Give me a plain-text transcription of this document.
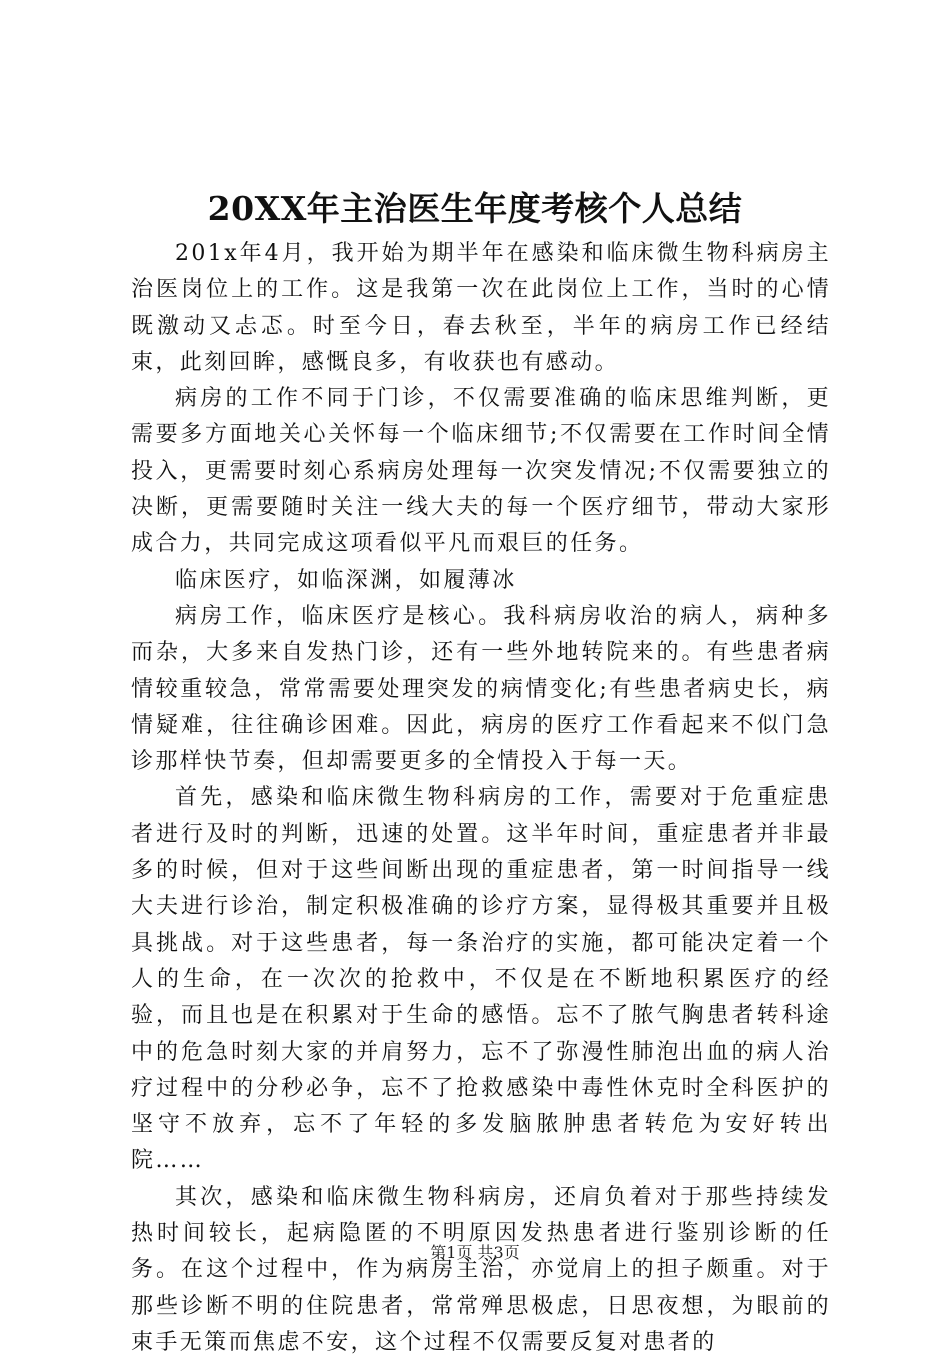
20XX年主治医生年度考核个人总结

201x年4月，我开始为期半年在感染和临床微生物科病房主治医岗位上的工作。这是我第一次在此岗位上工作，当时的心情既激动又忐忑。时至今日，春去秋至，半年的病房工作已经结束，此刻回眸，感慨良多，有收获也有感动。

病房的工作不同于门诊，不仅需要准确的临床思维判断，更需要多方面地关心关怀每一个临床细节;不仅需要在工作时间全情投入，更需要时刻心系病房处理每一次突发情况;不仅需要独立的决断，更需要随时关注一线大夫的每一个医疗细节，带动大家形成合力，共同完成这项看似平凡而艰巨的任务。

临床医疗，如临深渊，如履薄冰

病房工作，临床医疗是核心。我科病房收治的病人，病种多而杂，大多来自发热门诊，还有一些外地转院来的。有些患者病情较重较急，常常需要处理突发的病情变化;有些患者病史长，病情疑难，往往确诊困难。因此，病房的医疗工作看起来不似门急诊那样快节奏，但却需要更多的全情投入于每一天。

首先，感染和临床微生物科病房的工作，需要对于危重症患者进行及时的判断，迅速的处置。这半年时间，重症患者并非最多的时候，但对于这些间断出现的重症患者，第一时间指导一线大夫进行诊治，制定积极准确的诊疗方案，显得极其重要并且极具挑战。对于这些患者，每一条治疗的实施，都可能决定着一个人的生命，在一次次的抢救中，不仅是在不断地积累医疗的经验，而且也是在积累对于生命的感悟。忘不了脓气胸患者转科途中的危急时刻大家的并肩努力，忘不了弥漫性肺泡出血的病人治疗过程中的分秒必争，忘不了抢救感染中毒性休克时全科医护的坚守不放弃，忘不了年轻的多发脑脓肿患者转危为安好转出院……

其次，感染和临床微生物科病房，还肩负着对于那些持续发热时间较长，起病隐匿的不明原因发热患者进行鉴别诊断的任务。在这个过程中，作为病房主治，亦觉肩上的担子颇重。对于那些诊断不明的住院患者，常常殚思极虑，日思夜想，为眼前的束手无策而焦虑不安，这个过程不仅需要反复对患者的

第1页 共3页
